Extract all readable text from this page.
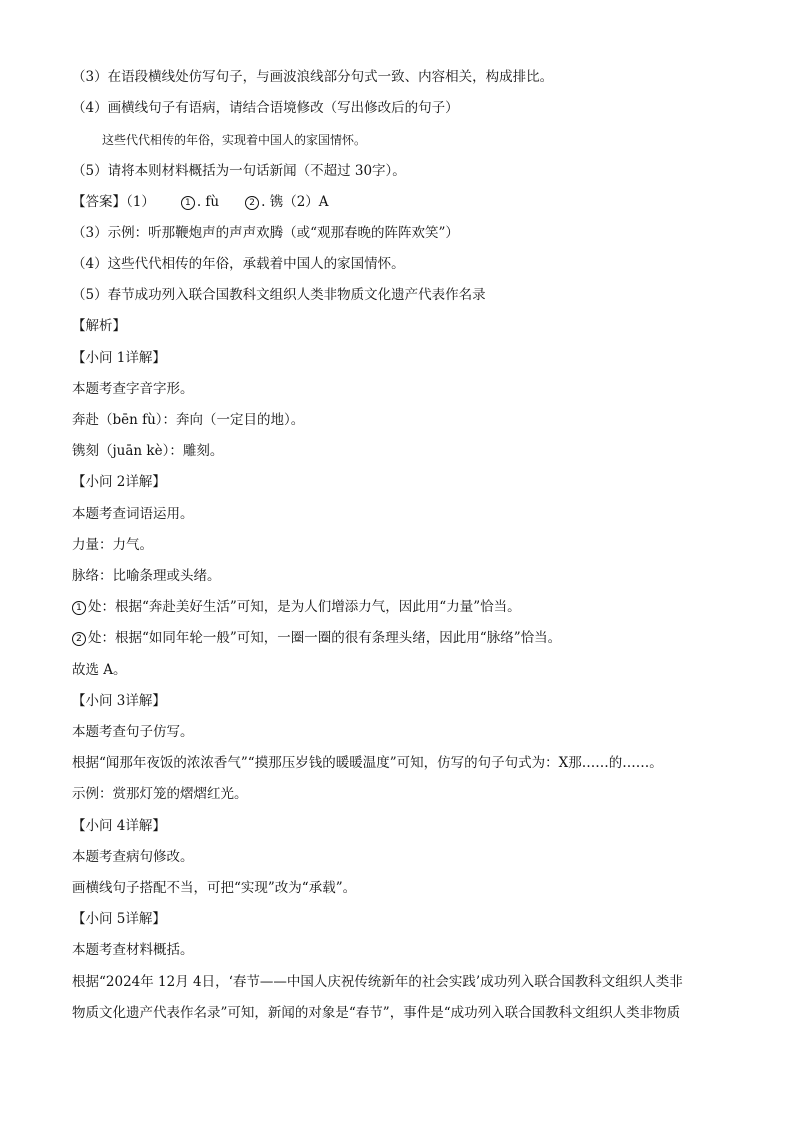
（3）在语段横线处仿写句子，与画波浪线部分句式一致、内容相关，构成排比。
（4）画横线句子有语病，请结合语境修改（写出修改后的句子）
这些代代相传的年俗，实现着中国人的家国情怀。
（5）请将本则材料概括为一句话新闻（不超过 30字）。
【答案】（1）	1 . fù	2 . 镌（2）A
（3）示例：听那鞭炮声的声声欢腾（或“观那春晚的阵阵欢笑”）
（4）这些代代相传的年俗，承载着中国人的家国情怀。
（5）春节成功列入联合国教科文组织人类非物质文化遗产代表作名录
【解析】
【小问 1详解】
本题考查字音字形。
奔赴（bēn fù）：奔向（一定目的地）。
镌刻（juān kè）：雕刻。
【小问 2详解】
本题考查词语运用。
力量：力气。
脉络：比喻条理或头绪。
1 处：根据“奔赴美好生活”可知，是为人们增添力气，因此用“力量”恰当。
2 处：根据“如同年轮一般”可知，一圈一圈的很有条理头绪，因此用“脉络”恰当。
故选 A。
【小问 3详解】
本题考查句子仿写。
根据“闻那年夜饭的浓浓香气”“摸那压岁钱的暖暖温度”可知，仿写的句子句式为：X那……的……。
示例：赏那灯笼的熠熠红光。
【小问 4详解】
本题考查病句修改。
画横线句子搭配不当，可把“实现”改为“承载”。
【小问 5详解】
本题考查材料概括。
根据“2024年 12月 4日，‘春节——中国人庆祝传统新年的社会实践’成功列入联合国教科文组织人类非
物质文化遗产代表作名录”可知，新闻的对象是“春节”，事件是“成功列入联合国教科文组织人类非物质
